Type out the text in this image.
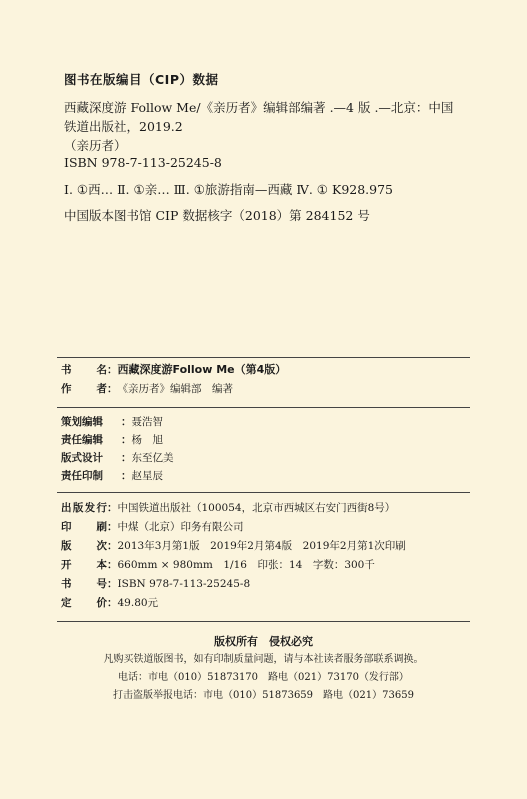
图书在版编目（CIP）数据
西藏深度游 Follow Me/《亲历者》编辑部编著 .—4 版 .—北京：中国
铁道出版社，2019.2
（亲历者）
ISBN 978-7-113-25245-8
Ⅰ. ①西… Ⅱ. ①亲… Ⅲ. ①旅游指南—西藏 Ⅳ. ① K928.975
中国版本图书馆 CIP 数据核字（2018）第 284152 号
书　　名 ： 西藏深度游Follow Me（第4版）
作　　者 ： 《亲历者》编辑部　编著
策划编辑	： 聂浩智
责任编辑	： 杨　旭
版式设计	： 东至亿美
责任印制	： 赵星辰
出版发行 ： 中国铁道出版社（100054，北京市西城区右安门西街8号）
印　　刷 ： 中煤（北京）印务有限公司
版　　次 ： 2013年3月第1版　2019年2月第4版　2019年2月第1次印刷
开　　本 ： 660mm × 980mm　1/16　印张：14　字数：300千
书　　号 ： ISBN 978-7-113-25245-8
定　　价 ： 49.80元
版权所有　侵权必究
凡购买铁道版图书，如有印制质量问题，请与本社读者服务部联系调换。
电话：市电（010）51873170　路电（021）73170（发行部）
打击盗版举报电话：市电（010）51873659　路电（021）73659
